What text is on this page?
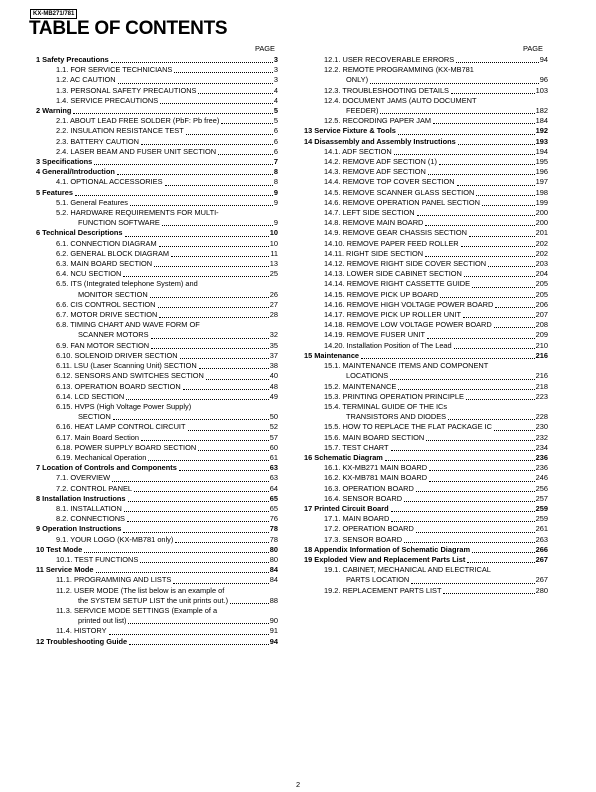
KX-MB271/781
TABLE OF CONTENTS
PAGE	PAGE
1 Safety Precautions	3
1.1. FOR SERVICE TECHNICIANS	3
1.2. AC CAUTION	3
1.3. PERSONAL SAFETY PRECAUTIONS	4
1.4. SERVICE PRECAUTIONS	4
2 Warning	5
2.1. ABOUT LEAD FREE SOLDER (PbF: Pb free)	5
2.2. INSULATION RESISTANCE TEST	6
2.3. BATTERY CAUTION	6
2.4. LASER BEAM AND FUSER UNIT SECTION	6
3 Specifications	7
4 General/Introduction	8
4.1. OPTIONAL ACCESSORIES	8
5 Features	9
5.1. General Features	9
5.2. HARDWARE REQUIREMENTS FOR MULTI-
FUNCTION SOFTWARE	9
6 Technical Descriptions	10
6.1. CONNECTION DIAGRAM	10
6.2. GENERAL BLOCK DIAGRAM	11
6.3. MAIN BOARD SECTION	13
6.4. NCU SECTION	25
6.5. ITS (Integrated telephone System) and
MONITOR SECTION	26
6.6. CIS CONTROL SECTION	27
6.7. MOTOR DRIVE SECTION	28
6.8. TIMING CHART AND WAVE FORM OF
SCANNER MOTORS	32
6.9. FAN MOTOR SECTION	35
6.10. SOLENOID DRIVER SECTION	37
6.11. LSU (Laser Scanning Unit) SECTION	38
6.12. SENSORS AND SWITCHES SECTION	40
6.13. OPERATION BOARD SECTION	48
6.14. LCD SECTION	49
6.15. HVPS (High Voltage Power Supply)
SECTION	50
6.16. HEAT LAMP CONTROL CIRCUIT	52
6.17. Main Board Section	57
6.18. POWER SUPPLY BOARD SECTION	60
6.19. Mechanical Operation	61
7 Location of Controls and Components	63
7.1. OVERVIEW	63
7.2. CONTROL PANEL	64
8 Installation Instructions	65
8.1. INSTALLATION	65
8.2. CONNECTIONS	76
9 Operation Instructions	78
9.1. YOUR LOGO (KX-MB781 only)	78
10 Test Mode	80
10.1. TEST FUNCTIONS	80
11 Service Mode	84
11.1. PROGRAMMING AND LISTS	84
11.2. USER MODE (The list below is an example of
the SYSTEM SETUP LIST the unit prints out.)	88
11.3. SERVICE MODE SETTINGS (Example of a
printed out list)	90
11.4. HISTORY	91
12 Troubleshooting Guide	94
12.1. USER RECOVERABLE ERRORS	94
12.2. REMOTE PROGRAMMING (KX-MB781
ONLY)	96
12.3. TROUBLESHOOTING DETAILS	103
12.4. DOCUMENT JAMS (AUTO DOCUMENT
FEEDER)	182
12.5. RECORDING PAPER JAM	184
13 Service Fixture & Tools	192
14 Disassembly and Assembly Instructions	193
14.1. ADF SECTION	194
14.2. REMOVE ADF SECTION (1)	195
14.3. REMOVE ADF SECTION	196
14.4. REMOVE TOP COVER SECTION	197
14.5. REMOVE SCANNER GLASS SECTION	198
14.6. REMOVE OPERATION PANEL SECTION	199
14.7. LEFT SIDE SECTION	200
14.8. REMOVE MAIN BOARD	200
14.9. REMOVE GEAR CHASSIS SECTION	201
14.10. REMOVE PAPER FEED ROLLER	202
14.11. RIGHT SIDE SECTION	202
14.12. REMOVE RIGHT SIDE COVER SECTION	203
14.13. LOWER SIDE CABINET SECTION	204
14.14. REMOVE RIGHT CASSETTE GUIDE	205
14.15. REMOVE PICK UP BOARD	205
14.16. REMOVE HIGH VOLTAGE POWER BOARD	206
14.17. REMOVE PICK UP ROLLER UNIT	207
14.18. REMOVE LOW VOLTAGE POWER BOARD	208
14.19. REMOVE FUSER UNIT	209
14.20. Installation Position of The Lead	210
15 Maintenance	216
15.1. MAINTENANCE ITEMS AND COMPONENT
LOCATIONS	216
15.2. MAINTENANCE	218
15.3. PRINTING OPERATION PRINCIPLE	223
15.4. TERMINAL GUIDE OF THE ICs
TRANSISTORS AND DIODES	228
15.5. HOW TO REPLACE THE FLAT PACKAGE IC	230
15.6. MAIN BOARD SECTION	232
15.7. TEST CHART	234
16 Schematic Diagram	236
16.1. KX-MB271 MAIN BOARD	236
16.2. KX-MB781 MAIN BOARD	246
16.3. OPERATION BOARD	256
16.4. SENSOR BOARD	257
17 Printed Circuit Board	259
17.1. MAIN BOARD	259
17.2. OPERATION BOARD	261
17.3. SENSOR BOARD	263
18 Appendix Information of Schematic Diagram	266
19 Exploded View and Replacement Parts List	267
19.1. CABINET, MECHANICAL AND ELECTRICAL
PARTS LOCATION	267
19.2. REPLACEMENT PARTS LIST	280
2
